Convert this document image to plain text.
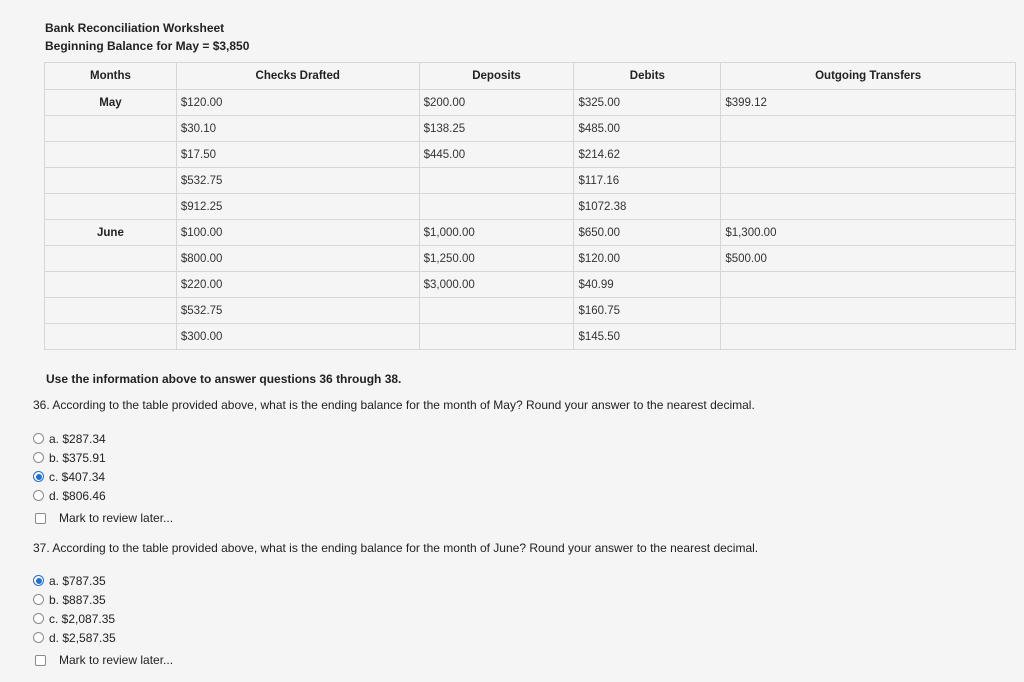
Bank Reconciliation Worksheet
Beginning Balance for May = $3,850
Months	Checks Drafted	Deposits	Debits	Outgoing Transfers
May	$120.00	$200.00	$325.00	$399.12
	$30.10	$138.25	$485.00	
	$17.50	$445.00	$214.62	
	$532.75		$117.16	
	$912.25		$1072.38	
June	$100.00	$1,000.00	$650.00	$1,300.00
	$800.00	$1,250.00	$120.00	$500.00
	$220.00	$3,000.00	$40.99	
	$532.75		$160.75	
	$300.00		$145.50	
Use the information above to answer questions 36 through 38.
36. According to the table provided above, what is the ending balance for the month of May? Round your answer to the nearest decimal.
a. $287.34
b. $375.91
c. $407.34
d. $806.46
Mark to review later...
37. According to the table provided above, what is the ending balance for the month of June? Round your answer to the nearest decimal.
a. $787.35
b. $887.35
c. $2,087.35
d. $2,587.35
Mark to review later...
